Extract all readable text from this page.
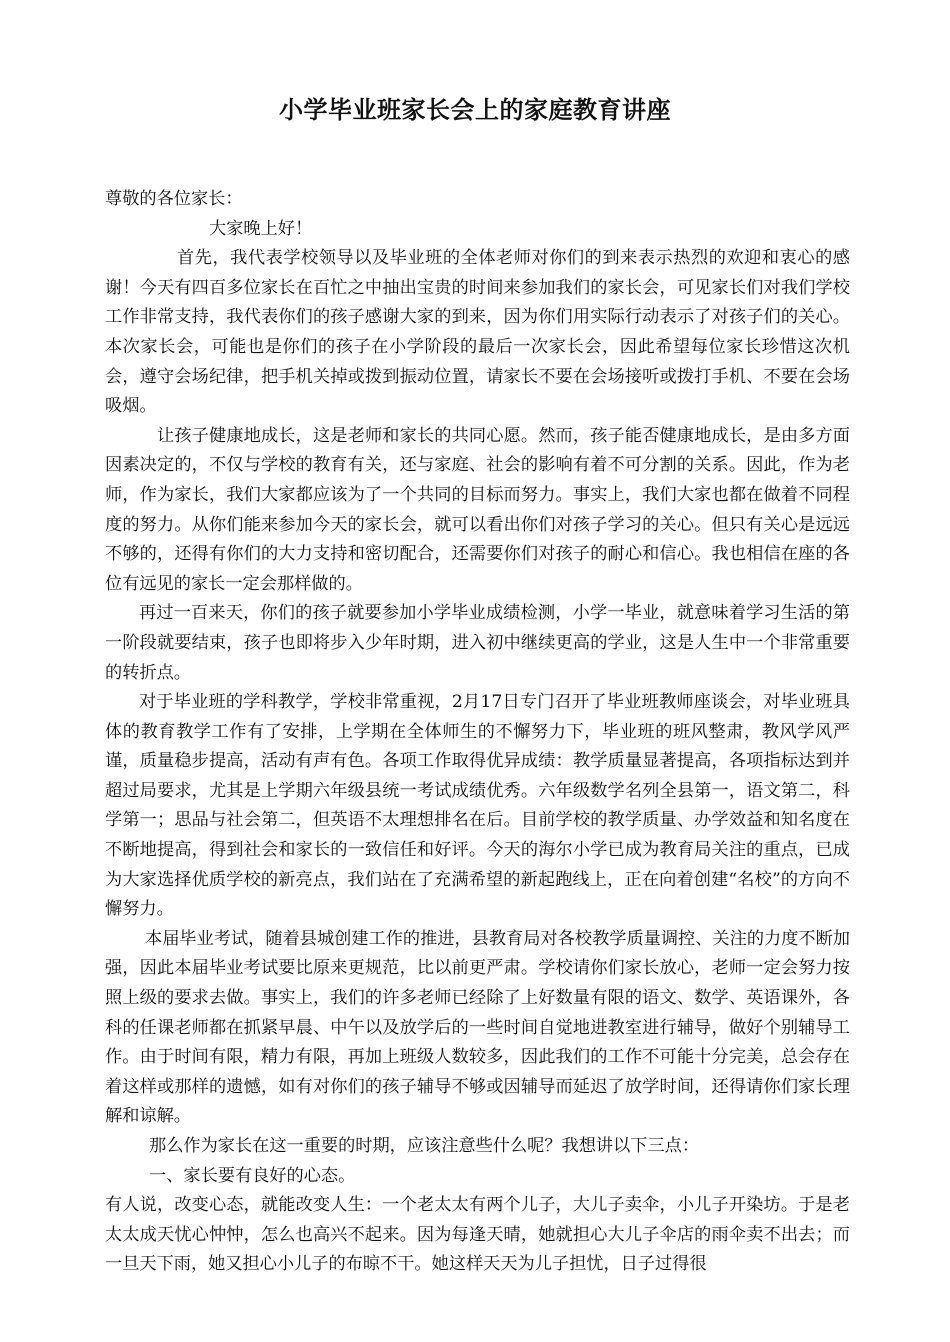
小学毕业班家长会上的家庭教育讲座

尊敬的各位家长：

大家晚上好！

首先，我代表学校领导以及毕业班的全体老师对你们的到来表示热烈的欢迎和衷心的感谢！今天有四百多位家长在百忙之中抽出宝贵的时间来参加我们的家长会，可见家长们对我们学校工作非常支持，我代表你们的孩子感谢大家的到来，因为你们用实际行动表示了对孩子们的关心。本次家长会，可能也是你们的孩子在小学阶段的最后一次家长会，因此希望每位家长珍惜这次机会，遵守会场纪律，把手机关掉或拨到振动位置，请家长不要在会场接听或拨打手机、不要在会场吸烟。

让孩子健康地成长，这是老师和家长的共同心愿。然而，孩子能否健康地成长，是由多方面因素决定的，不仅与学校的教育有关，还与家庭、社会的影响有着不可分割的关系。因此，作为老师，作为家长，我们大家都应该为了一个共同的目标而努力。事实上，我们大家也都在做着不同程度的努力。从你们能来参加今天的家长会，就可以看出你们对孩子学习的关心。但只有关心是远远不够的，还得有你们的大力支持和密切配合，还需要你们对孩子的耐心和信心。我也相信在座的各位有远见的家长一定会那样做的。

再过一百来天，你们的孩子就要参加小学毕业成绩检测，小学一毕业，就意味着学习生活的第一阶段就要结束，孩子也即将步入少年时期，进入初中继续更高的学业，这是人生中一个非常重要的转折点。

对于毕业班的学科教学，学校非常重视，2月17日专门召开了毕业班教师座谈会，对毕业班具体的教育教学工作有了安排，上学期在全体师生的不懈努力下，毕业班的班风整肃，教风学风严谨，质量稳步提高，活动有声有色。各项工作取得优异成绩：教学质量显著提高，各项指标达到并超过局要求，尤其是上学期六年级县统一考试成绩优秀。六年级数学名列全县第一，语文第二，科学第一；思品与社会第二，但英语不太理想排名在后。目前学校的教学质量、办学效益和知名度在不断地提高，得到社会和家长的一致信任和好评。今天的海尔小学已成为教育局关注的重点，已成为大家选择优质学校的新亮点，我们站在了充满希望的新起跑线上，正在向着创建“名校”的方向不懈努力。

本届毕业考试，随着县城创建工作的推进，县教育局对各校教学质量调控、关注的力度不断加强，因此本届毕业考试要比原来更规范，比以前更严肃。学校请你们家长放心，老师一定会努力按照上级的要求去做。事实上，我们的许多老师已经除了上好数量有限的语文、数学、英语课外，各科的任课老师都在抓紧早晨、中午以及放学后的一些时间自觉地进教室进行辅导，做好个别辅导工作。由于时间有限，精力有限，再加上班级人数较多，因此我们的工作不可能十分完美，总会存在着这样或那样的遗憾，如有对你们的孩子辅导不够或因辅导而延迟了放学时间，还得请你们家长理解和谅解。

那么作为家长在这一重要的时期，应该注意些什么呢？我想讲以下三点：

一、家长要有良好的心态。

有人说，改变心态，就能改变人生：一个老太太有两个儿子，大儿子卖伞，小儿子开染坊。于是老太太成天忧心忡忡，怎么也高兴不起来。因为每逢天晴，她就担心大儿子伞店的雨伞卖不出去；而一旦天下雨，她又担心小儿子的布晾不干。她这样天天为儿子担忧，日子过得很
